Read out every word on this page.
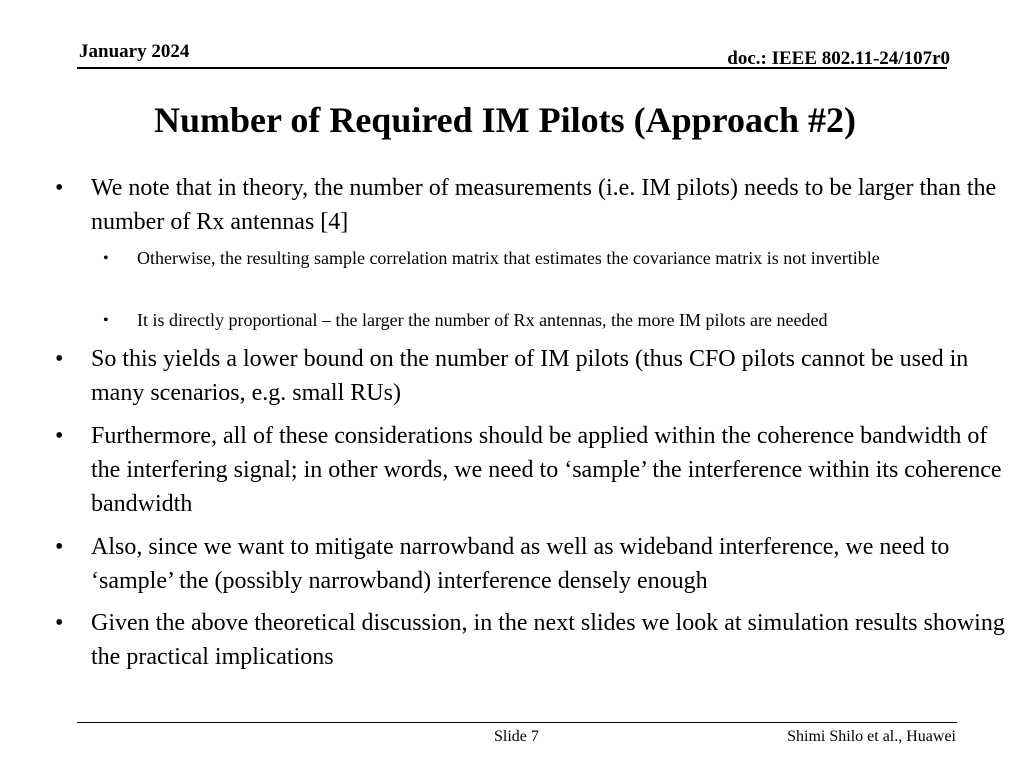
January 2024	doc.: IEEE 802.11-24/107r0
Number of Required IM Pilots (Approach #2)
• We note that in theory, the number of measurements (i.e. IM pilots) needs to be larger than the number of Rx antennas [4]
• Otherwise, the resulting sample correlation matrix that estimates the covariance matrix is not invertible
• It is directly proportional – the larger the number of Rx antennas, the more IM pilots are needed
• So this yields a lower bound on the number of IM pilots (thus CFO pilots cannot be used in many scenarios, e.g. small RUs)
• Furthermore, all of these considerations should be applied within the coherence bandwidth of the interfering signal; in other words, we need to ‘sample’ the interference within its coherence bandwidth
• Also, since we want to mitigate narrowband as well as wideband interference, we need to ‘sample’ the (possibly narrowband) interference densely enough
• Given the above theoretical discussion, in the next slides we look at simulation results showing the practical implications
Slide 7	Shimi Shilo et al., Huawei
